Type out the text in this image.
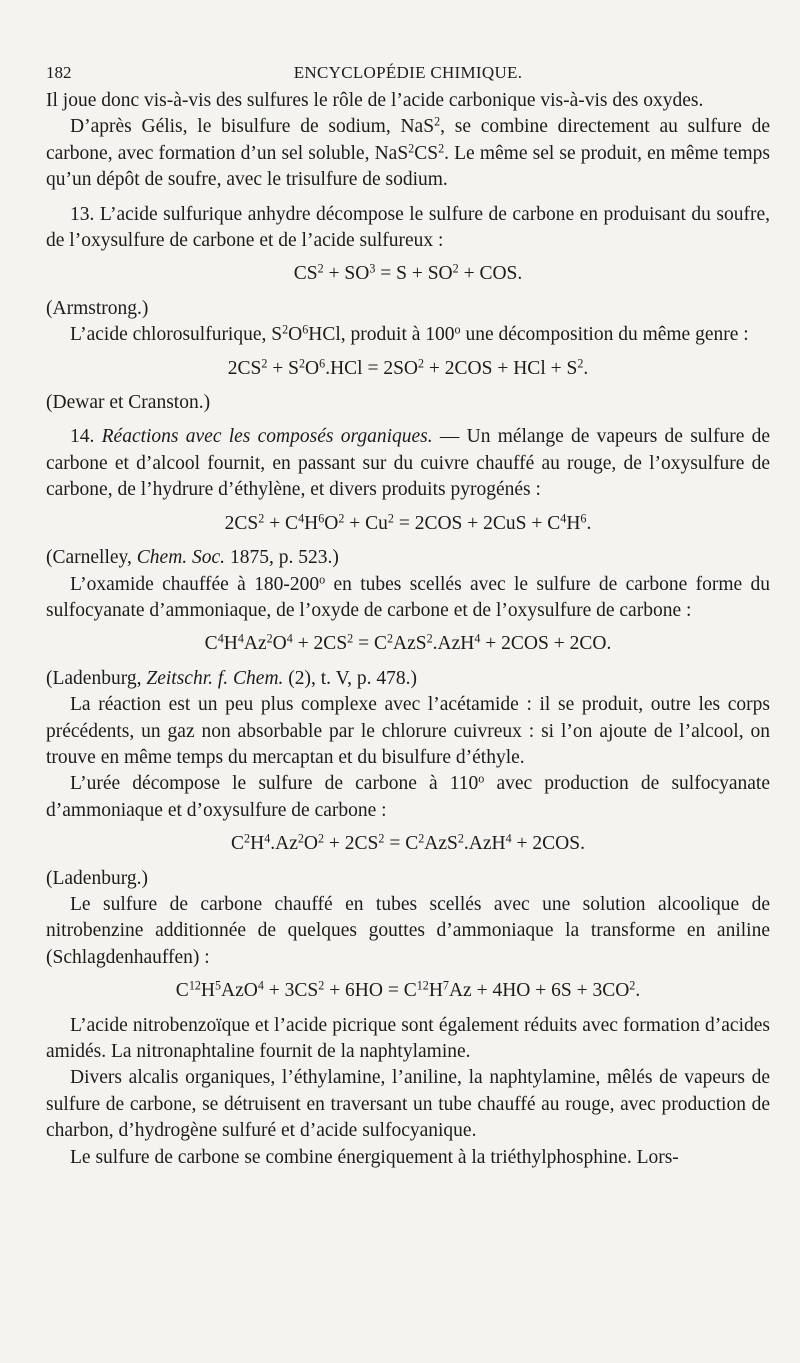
182	ENCYCLOPÉDIE CHIMIQUE.

Il joue donc vis-à-vis des sulfures le rôle de l’acide carbonique vis-à-vis des oxydes.

D’après Gélis, le bisulfure de sodium, NaS$^2$, se combine directement au sulfure de carbone, avec formation d’un sel soluble, $NaS^2CS^2$. Le même sel se produit, en même temps qu’un dépôt de soufre, avec le trisulfure de sodium.

13. L’acide sulfurique anhydre décompose le sulfure de carbone en produisant du soufre, de l’oxysulfure de carbone et de l’acide sulfureux :

$CS^2 + SO^3 = S + SO^2$ + COS.

(Armstrong.)

L’acide chlorosulfurique, $S^2O^6HCl$, produit à 100$^o$ une décomposition du même genre :

$2CS^2 + S^2O^6.HCl = 2SO^2 + 2COS$ + HCl + $S^2$.

(Dewar et Cranston.)

14. Réactions avec les composés organiques. — Un mélange de vapeurs de sulfure de carbone et d’alcool fournit, en passant sur du cuivre chauffé au rouge, de l’oxysulfure de carbone, de l’hydrure d’éthylène, et divers produits pyrogénés :

$2CS^2 + C^4H^6O^2 + Cu^2 = 2COS + 2CuS + C^4H^6$.

(Carnelley, Chem. Soc. 1875, p. 523.)

L’oxamide chauffée à 180-200$^o$ en tubes scellés avec le sulfure de carbone forme du sulfocyanate d’ammoniaque, de l’oxyde de carbone et de l’oxysulfure de carbone :

$C^4H^4Az^2O^4 + 2CS^2 = C^2AzS^2.AzH^4 + 2COS + 2CO$.

(Ladenburg, Zeitschr. f. Chem. (2), t. V, p. 478.)

La réaction est un peu plus complexe avec l’acétamide : il se produit, outre les corps précédents, un gaz non absorbable par le chlorure cuivreux : si l’on ajoute de l’alcool, on trouve en même temps du mercaptan et du bisulfure d’éthyle.

L’urée décompose le sulfure de carbone à 110$^o$ avec production de sulfocyanate d’ammoniaque et d’oxysulfure de carbone :

$C^2H^4.Az^2O^2 + 2CS^2 = C^2AzS^2.AzH^4 + 2COS$.

(Ladenburg.)

Le sulfure de carbone chauffé en tubes scellés avec une solution alcoolique de nitrobenzine additionnée de quelques gouttes d’ammoniaque la transforme en aniline (Schlagdenhauffen) :

$C^{12}H^5AzO^4 + 3CS^2 + 6HO = C^{12}H^7Az + 4HO + 6S + 3CO^2$.

L’acide nitrobenzoïque et l’acide picrique sont également réduits avec formation d’acides amidés. La nitronaphtaline fournit de la naphtylamine.

Divers alcalis organiques, l’éthylamine, l’aniline, la naphtylamine, mêlés de vapeurs de sulfure de carbone, se détruisent en traversant un tube chauffé au rouge, avec production de charbon, d’hydrogène sulfuré et d’acide sulfocyanique.

Le sulfure de carbone se combine énergiquement à la triéthylphosphine. Lors-
